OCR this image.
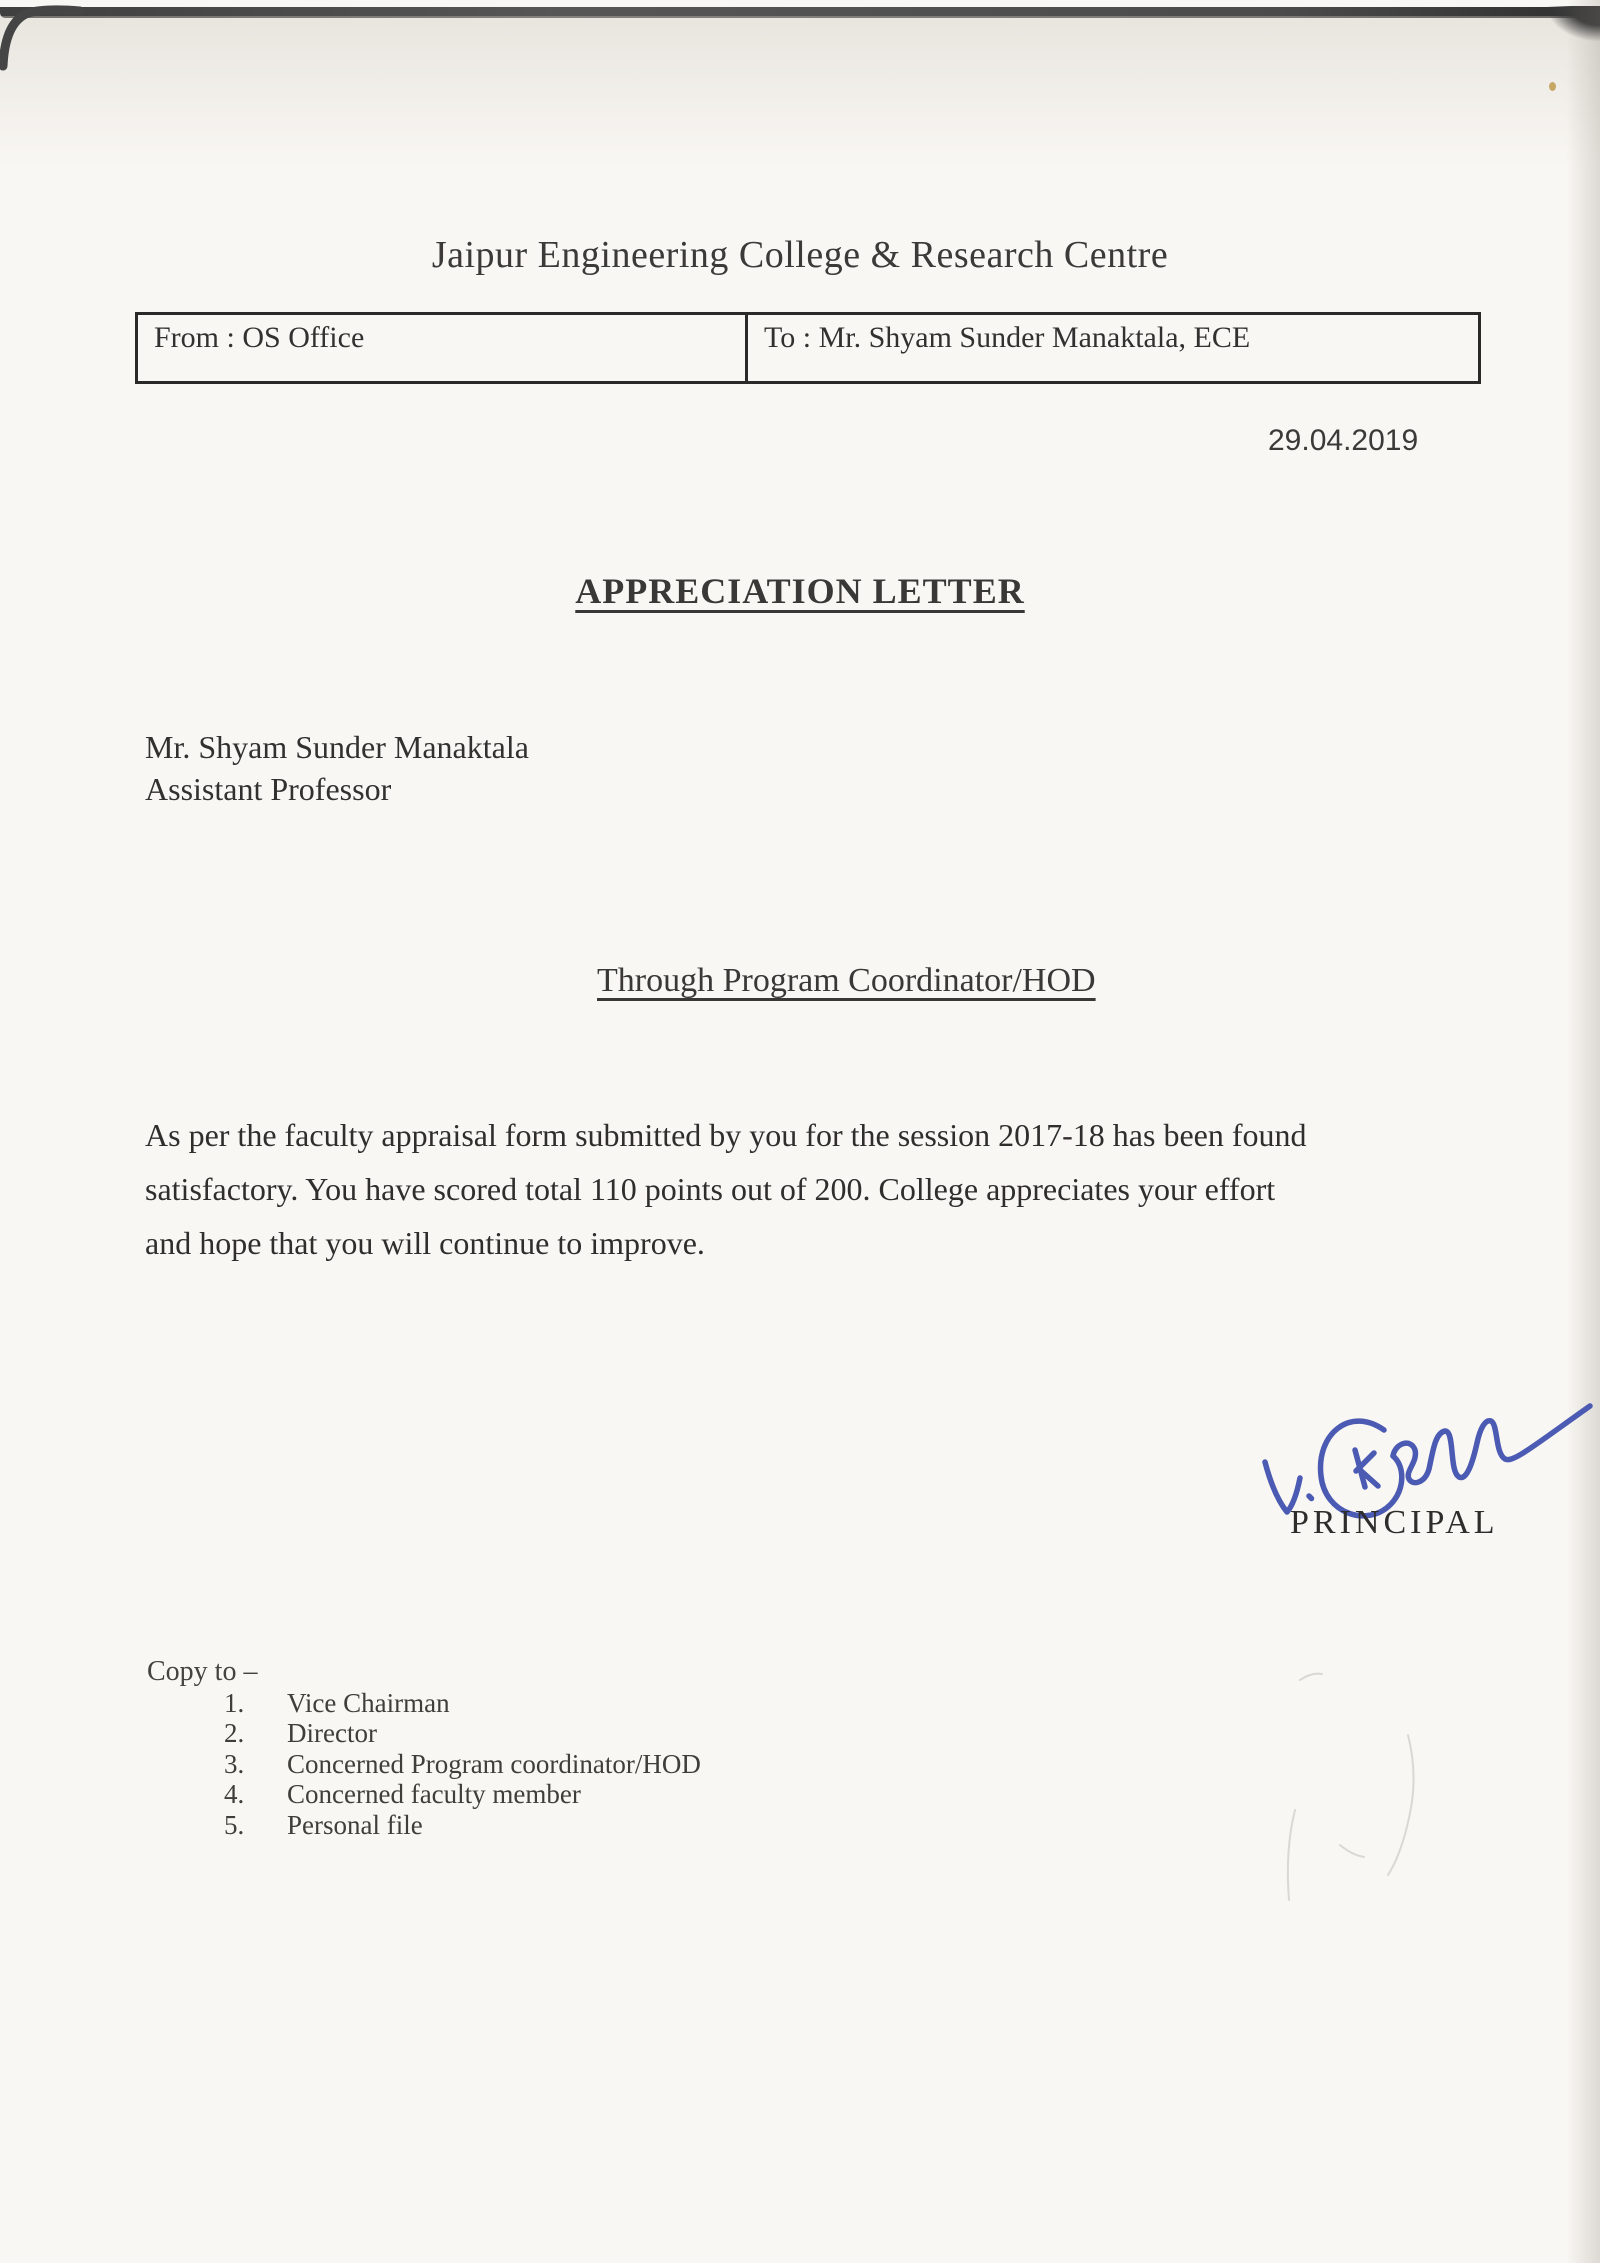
Jaipur Engineering College & Research Centre
From : OS Office	To : Mr. Shyam Sunder Manaktala, ECE
29.04.2019
APPRECIATION LETTER
Mr. Shyam Sunder Manaktala
Assistant Professor
Through Program Coordinator/HOD
As per the faculty appraisal form submitted by you for the session 2017-18 has been found
satisfactory. You have scored total 110 points out of 200. College appreciates your effort
and hope that you will continue to improve.
PRINCIPAL
Copy to –
1.	Vice Chairman
2.	Director
3.	Concerned Program coordinator/HOD
4.	Concerned faculty member
5.	Personal file
